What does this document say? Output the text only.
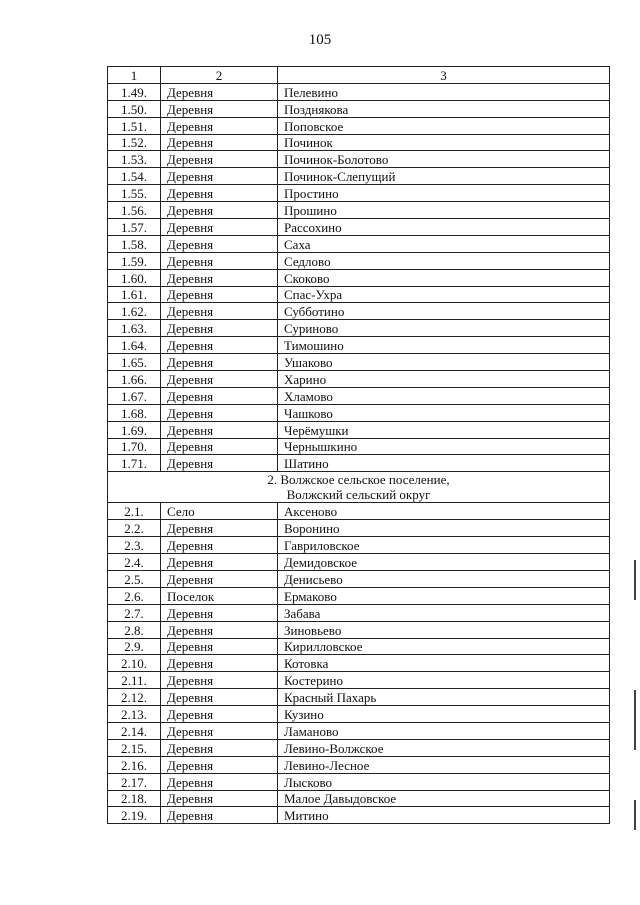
105
1	2	3
1.49.	Деревня	Пелевино
1.50.	Деревня	Позднякова
1.51.	Деревня	Поповское
1.52.	Деревня	Починок
1.53.	Деревня	Починок-Болотово
1.54.	Деревня	Починок-Слепущий
1.55.	Деревня	Простино
1.56.	Деревня	Прошино
1.57.	Деревня	Рассохино
1.58.	Деревня	Саха
1.59.	Деревня	Седлово
1.60.	Деревня	Скоково
1.61.	Деревня	Спас-Ухра
1.62.	Деревня	Субботино
1.63.	Деревня	Суриново
1.64.	Деревня	Тимошино
1.65.	Деревня	Ушаково
1.66.	Деревня	Харино
1.67.	Деревня	Хламово
1.68.	Деревня	Чашково
1.69.	Деревня	Черёмушки
1.70.	Деревня	Чернышкино
1.71.	Деревня	Шатино

2. Волжское сельское поселение,
Волжский сельский округ		

2.1.	Село	Аксеново
2.2.	Деревня	Воронино
2.3.	Деревня	Гавриловское
2.4.	Деревня	Демидовское
2.5.	Деревня	Денисьево
2.6.	Поселок	Ермаково
2.7.	Деревня	Забава
2.8.	Деревня	Зиновьево
2.9.	Деревня	Кирилловское
2.10.	Деревня	Котовка
2.11.	Деревня	Костерино
2.12.	Деревня	Красный Пахарь
2.13.	Деревня	Кузино
2.14.	Деревня	Ламаново
2.15.	Деревня	Левино-Волжское
2.16.	Деревня	Левино-Лесное
2.17.	Деревня	Лысково
2.18.	Деревня	Малое Давыдовское
2.19.	Деревня	Митино
